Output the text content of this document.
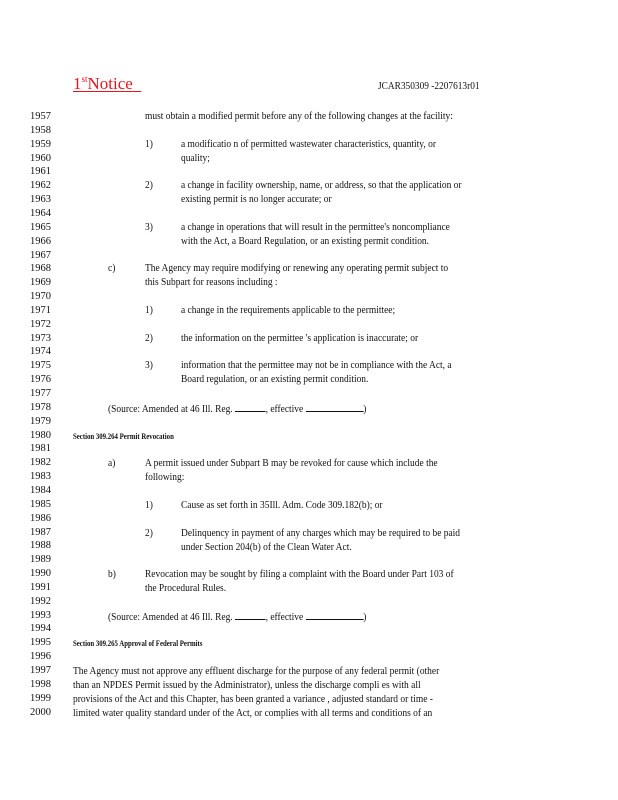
1stNotice	JCAR350309 -2207613r01
1957
1958
1959
1960
1961
1962
1963
1964
1965
1966
1967
1968
1969
1970
1971
1972
1973
1974
1975
1976
1977
1978
1979
1980
1981
1982
1983
1984
1985
1986
1987
1988
1989
1990
1991
1992
1993
1994
1995
1996
1997
1998
1999
2000
must obtain a modified permit before any of the following changes at the facility:
1)	a modificatio n of permitted wastewater characteristics, quantity, or
quality;
2)	a change in facility ownership, name, or address, so that the application or
existing permit is no longer accurate; or
3)	a change in operations that will result in the permittee's noncompliance
with the Act, a Board Regulation, or an existing permit condition.
c)	The Agency may require modifying or renewing any operating permit subject to
this Subpart for reasons including :
1)	a change in the requirements applicable to the permittee;
2)	the information on the permittee 's application is inaccurate; or
3)	information that the permittee may not be in compliance with the Act, a
Board regulation, or an existing permit condition.
(Source: Amended at 46 Ill. Reg.	, effective	)
Section 309.264 Permit Revocation
a)	A permit issued under Subpart B may be revoked for cause which include the
following:
1)	Cause as set forth in 35Ill. Adm. Code 309.182(b); or
2)	Delinquency in payment of any charges which may be required to be paid
under Section 204(b) of the Clean Water Act.
b)	Revocation may be sought by filing a complaint with the Board under Part 103 of
the Procedural Rules.
(Source: Amended at 46 Ill. Reg.	, effective	)
Section 309.265 Approval of Federal Permits
The Agency must not approve any effluent discharge for the purpose of any federal permit (other
than an NPDES Permit issued by the Administrator), unless the discharge compli es with all
provisions of the Act and this Chapter, has been granted a variance , adjusted standard or time -
limited water quality standard under of the Act, or complies with all terms and conditions of an
